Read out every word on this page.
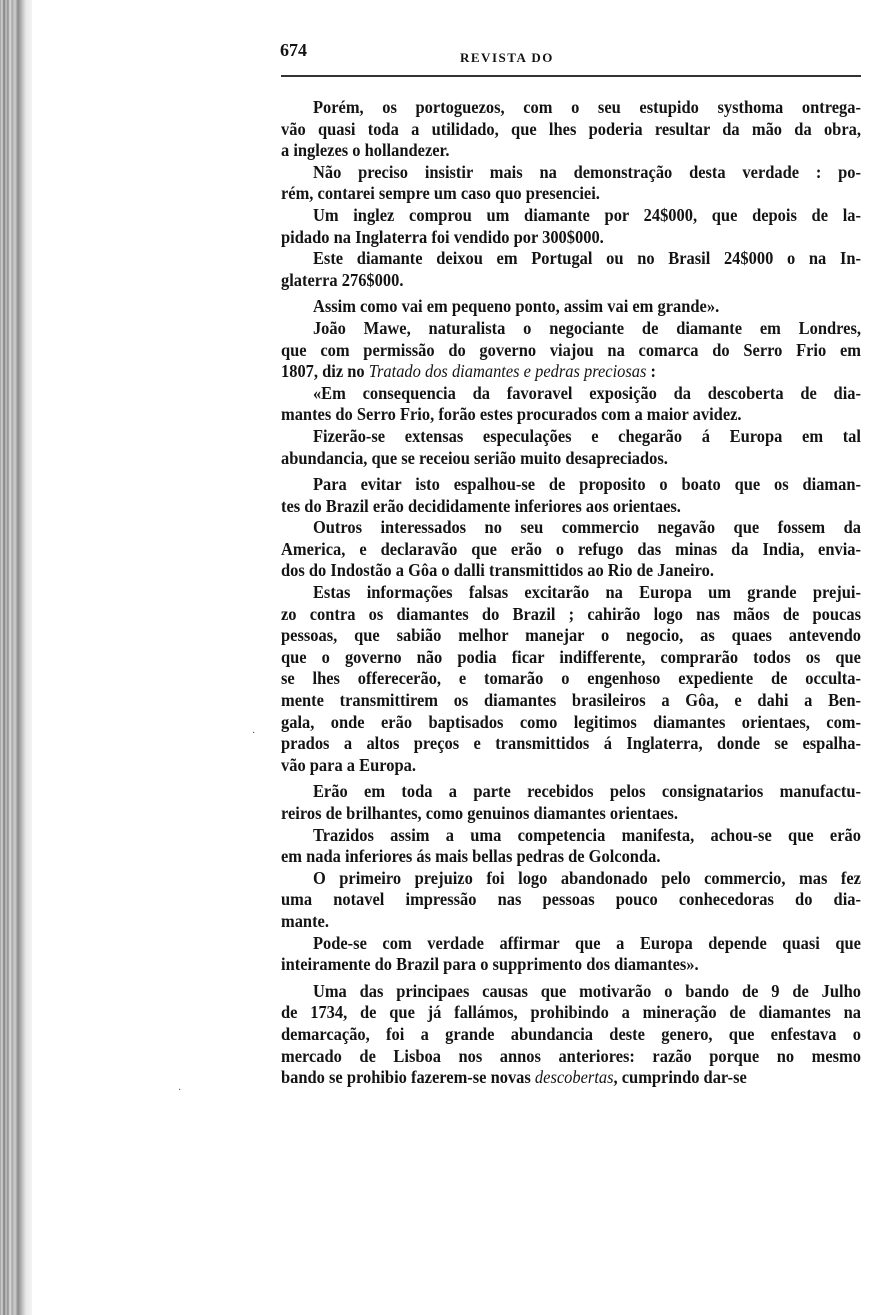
674	REVISTA DO
·
·
Porém, os portoguezos, com o seu estupido systhoma ontrega-
vão quasi toda a utilidado, que lhes poderia resultar da mão da obra,
a inglezes o hollandezer.
Não preciso insistir mais na demonstração desta verdade : po-
rém, contarei sempre um caso quo presenciei.
Um inglez comprou um diamante por 24$000, que depois de la-
pidado na Inglaterra foi vendido por 300$000.
Este diamante deixou em Portugal ou no Brasil 24$000 o na In-
glaterra 276$000.
Assim como vai em pequeno ponto, assim vai em grande».
João Mawe, naturalista o negociante de diamante em Londres,
que com permissão do governo viajou na comarca do Serro Frio em
1807, diz no Tratado dos diamantes e pedras preciosas :
«Em consequencia da favoravel exposição da descoberta de dia-
mantes do Serro Frio, forão estes procurados com a maior avidez.
Fizerão-se extensas especulações e chegarão á Europa em tal
abundancia, que se receiou serião muito desapreciados.
Para evitar isto espalhou-se de proposito o boato que os diaman-
tes do Brazil erão decididamente inferiores aos orientaes.
Outros interessados no seu commercio negavão que fossem da
America, e declaravão que erão o refugo das minas da India, envia-
dos do Indostão a Gôa o dalli transmittidos ao Rio de Janeiro.
Estas informações falsas excitarão na Europa um grande prejui-
zo contra os diamantes do Brazil ; cahirão logo nas mãos de poucas
pessoas, que sabião melhor manejar o negocio, as quaes antevendo
que o governo não podia ficar indifferente, comprarão todos os que
se lhes offerecerão, e tomarão o engenhoso expediente de occulta-
mente transmittirem os diamantes brasileiros a Gôa, e dahi a Ben-
gala, onde erão baptisados como legitimos diamantes orientaes, com-
prados a altos preços e transmittidos á Inglaterra, donde se espalha-
vão para a Europa.
Erão em toda a parte recebidos pelos consignatarios manufactu-
reiros de brilhantes, como genuinos diamantes orientaes.
Trazidos assim a uma competencia manifesta, achou-se que erão
em nada inferiores ás mais bellas pedras de Golconda.
O primeiro prejuizo foi logo abandonado pelo commercio, mas fez
uma notavel impressão nas pessoas pouco conhecedoras do dia-
mante.
Pode-se com verdade affirmar que a Europa depende quasi que
inteiramente do Brazil para o supprimento dos diamantes».
Uma das principaes causas que motivarão o bando de 9 de Julho
de 1734, de que já fallámos, prohibindo a mineração de diamantes na
demarcação, foi a grande abundancia deste genero, que enfestava o
mercado de Lisboa nos annos anteriores: razão porque no mesmo
bando se prohibio fazerem-se novas descobertas, cumprindo dar-se
